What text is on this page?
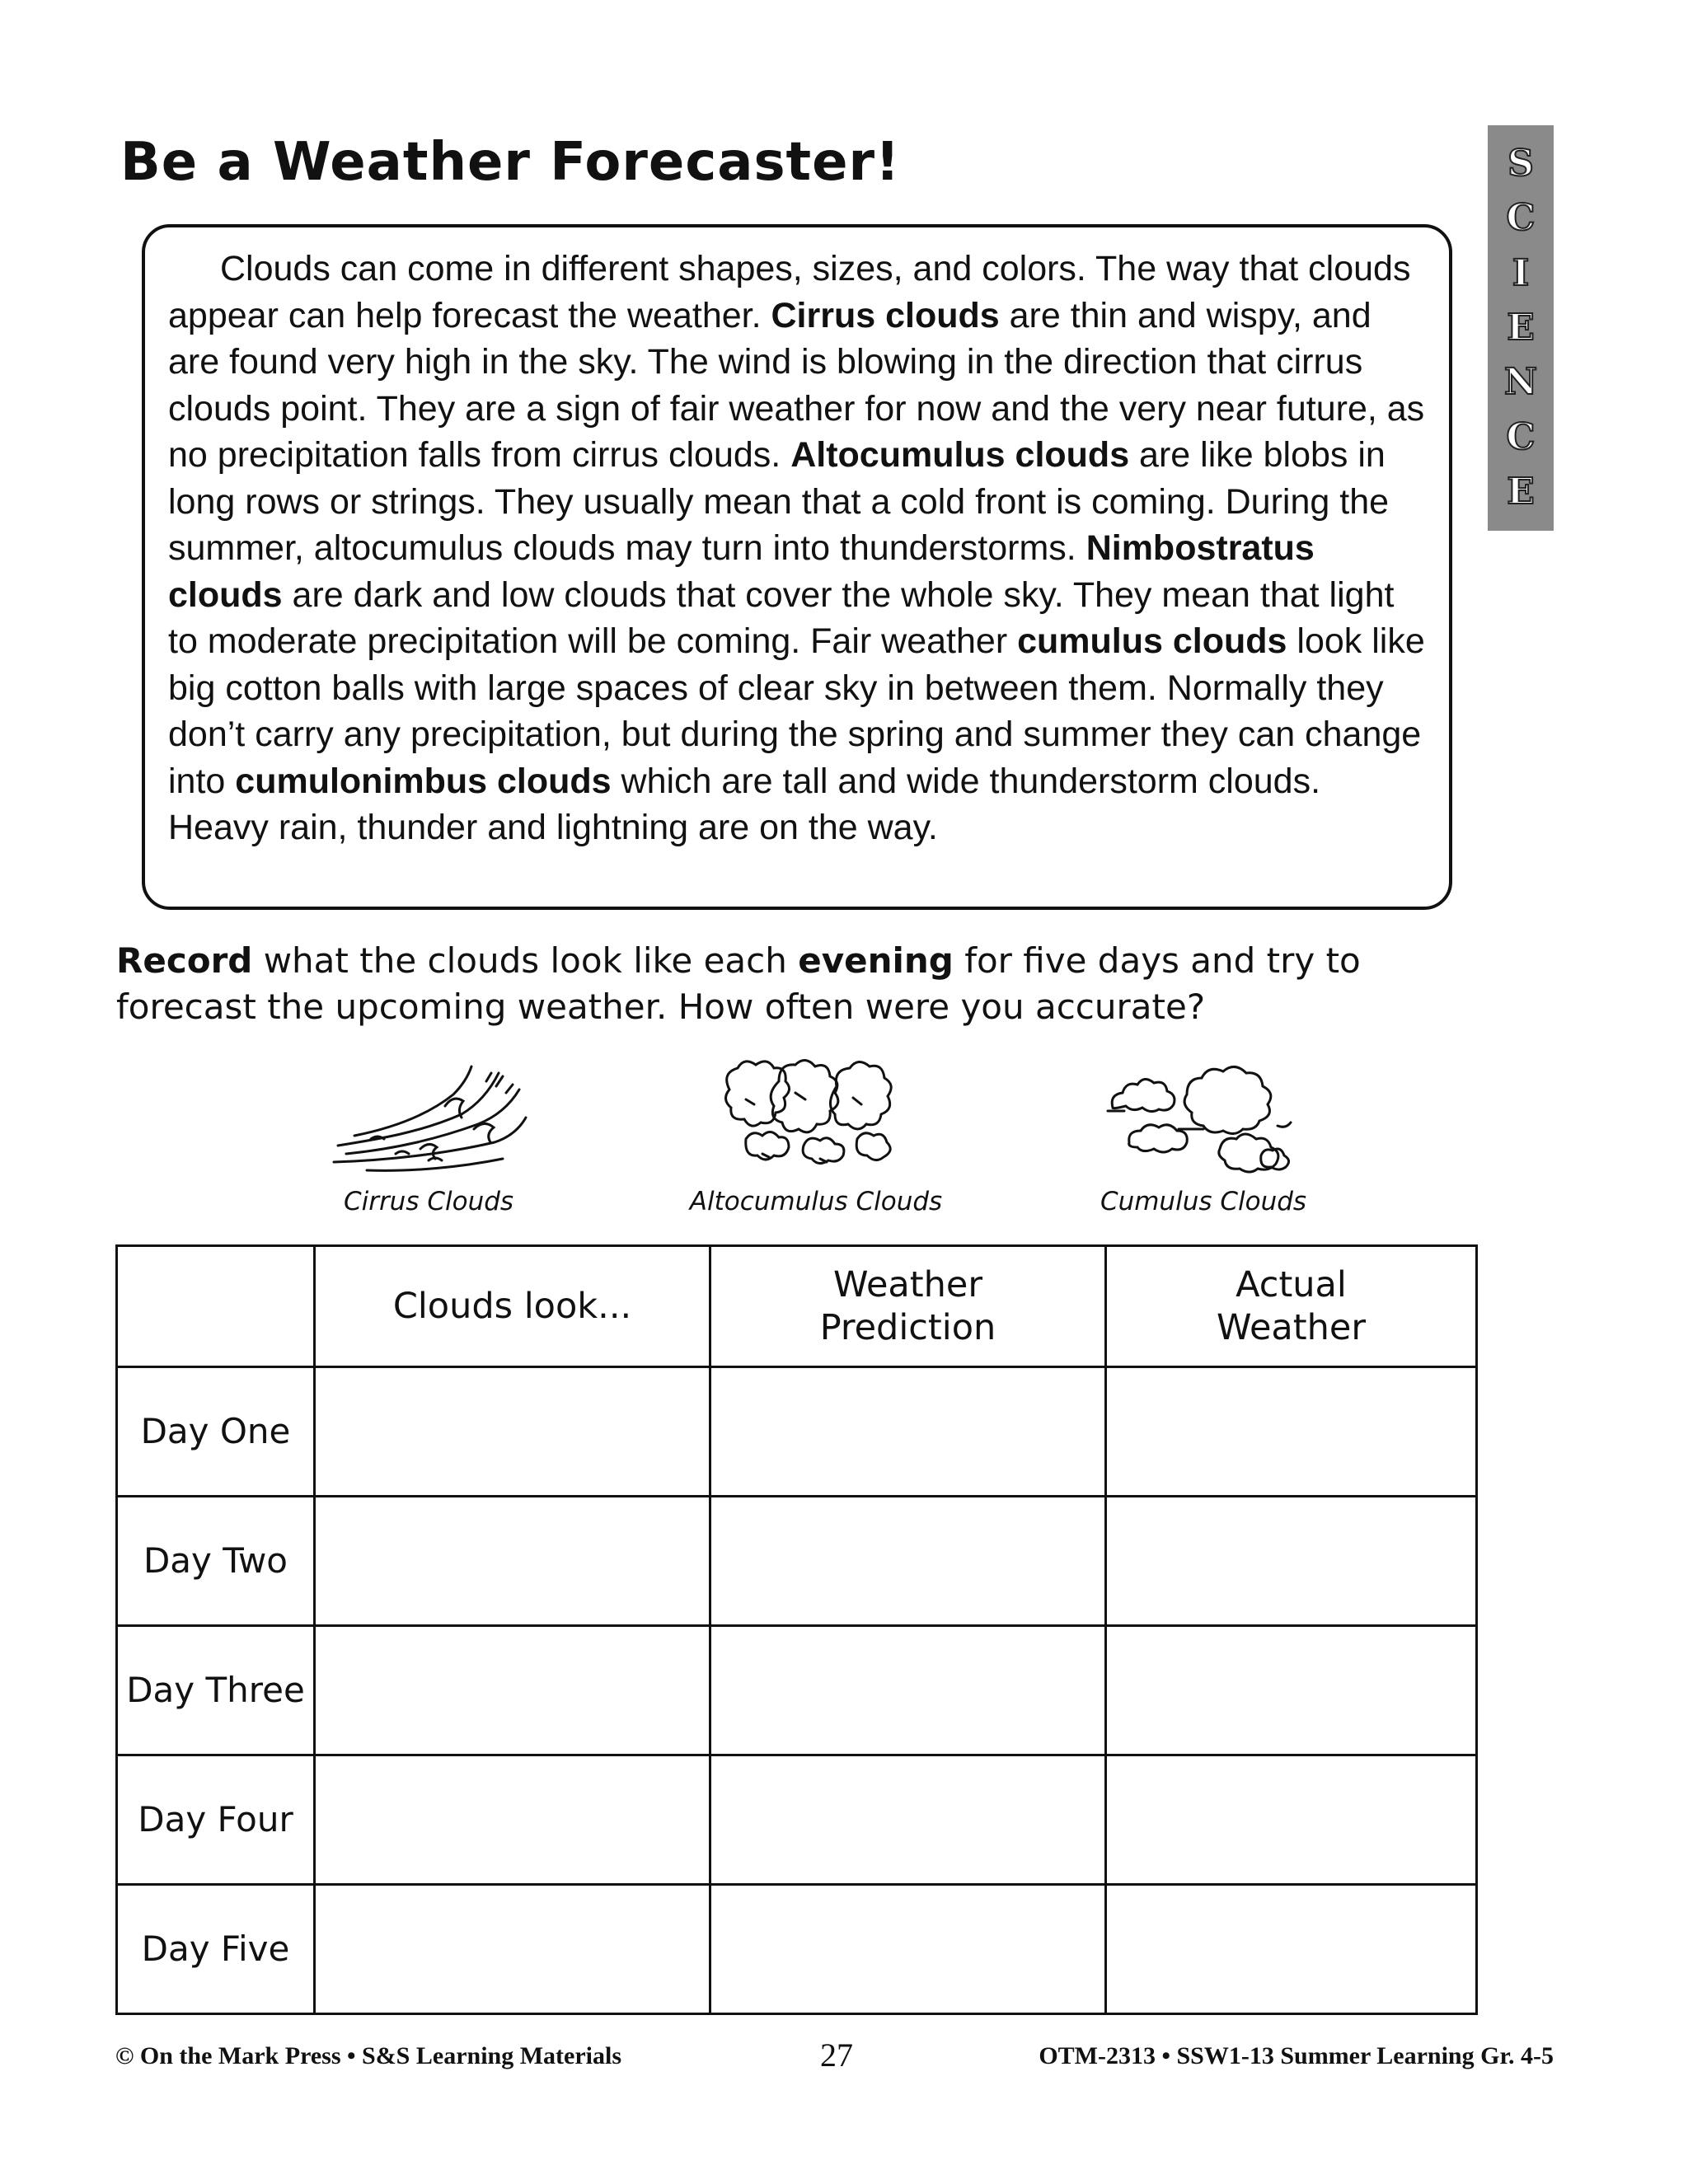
Be a Weather Forecaster!	S
C
I
E
N
C
E

Clouds can come in different shapes, sizes, and colors. The way that clouds appear can help forecast the weather. Cirrus clouds are thin and wispy, and are found very high in the sky. The wind is blowing in the direction that cirrus clouds point. They are a sign of fair weather for now and the very near future, as no precipitation falls from cirrus clouds. Altocumulus clouds are like blobs in long rows or strings. They usually mean that a cold front is coming. During the summer, altocumulus clouds may turn into thunderstorms. Nimbostratus clouds are dark and low clouds that cover the whole sky. They mean that light to moderate precipitation will be coming. Fair weather cumulus clouds look like big cotton balls with large spaces of clear sky in between them. Normally they don’t carry any precipitation, but during the spring and summer they can change into cumulonimbus clouds which are tall and wide thunderstorm clouds. Heavy rain, thunder and lightning are on the way.

Record what the clouds look like each evening for five days and try to forecast the upcoming weather. How often were you accurate?

Cirrus Clouds	Altocumulus Clouds	Cumulus Clouds
	Clouds look...	Weather Prediction	Actual Weather

Day One			
Day Two			
Day Three			
Day Four			
Day Five			
© On the Mark Press • S&S Learning Materials	27	OTM-2313 • SSW1-13 Summer Learning Gr. 4-5
